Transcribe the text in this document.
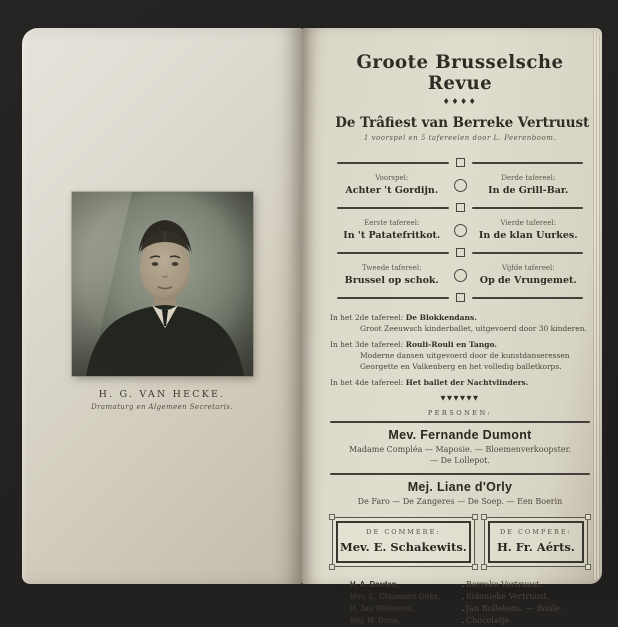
H. G. VAN HECKE.
Dramaturg en Algemeen Secretaris.
Groote Brusselsche Revue
♦♦♦♦
De Trâfiest van Berreke Vertruust
1 voorspel en 5 tafereelen door L. Peerenboom.
Voorspel:
Achter 't Gordijn.
Derde tafereel:
In de Grill-Bar.
Eerste tafereel:
In 't Patatefritkot.
Vierde tafereel:
In de klan Uurkes.
Tweede tafereel:
Brussel op schok.
Vijfde tafereel:
Op de Vrungemet.
In het 2de tafereel: De Blokkendans.
Groot Zeeuwsch kinderballet, uitgevoerd door 30 kinderen.
In het 3de tafereel: Rouli-Rouli en Tango.
Moderne dansen uitgevoerd door de kunstdanseressen Georgette en Valkenberg en het volledig balletkorps.
In het 4de tafereel: Het ballet der Nachtvlinders.
▼▼▼▼▼▼
PERSONEN:
Mev. Fernande Dumont
Madame Compléa — Maposie. — Bloemenverkoopster. — De Lollepot.
Mej. Liane d'Orly
De Faro — De Zangeres — De Soep. — Een Boerin
DE COMMERE:
Mev. E. Schakewits.
DE COMPERE:
H. Fr. Aérts.
H. A. Darden, . .	Berreke Vertruust.
Mev. C. Clauwaert-Dirks, . .	Sidonieke Vertruust.
H. Jan Willekens, . .	Jan Bollekens. — Boule.
Mej. M. Dons, . .	Chocolatje.
